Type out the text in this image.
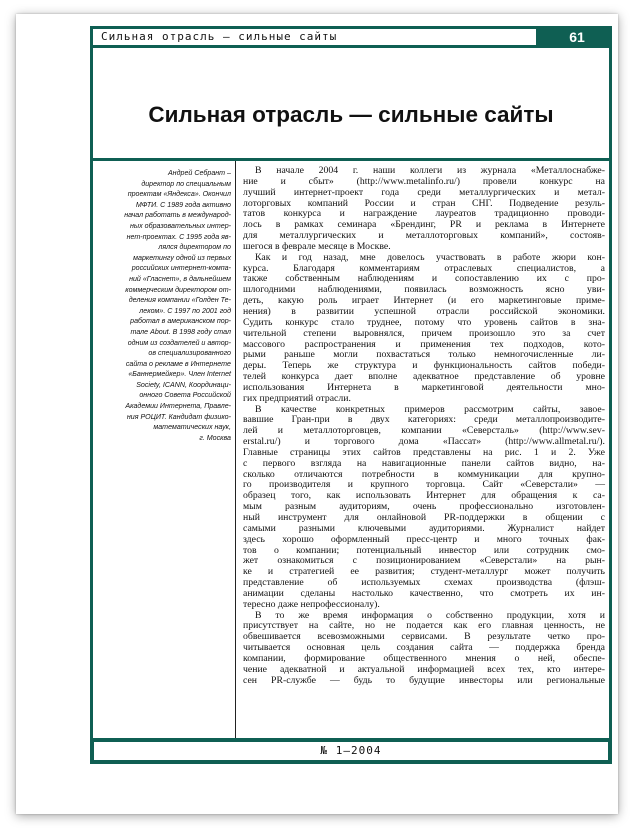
Сильная отрасль – сильные сайты	61
Сильная отрасль — сильные сайты
Андрей Себрант –
директор по специальным
проектам «Яндекса». Окончил
МФТИ. С 1989 года активно
начал работать в международ-
ных образовательных интер-
нет-проектах. С 1995 года яв-
лялся директором по
маркетингу одной из первых
российских интернет-компа-
ний «Гласнет», в дальнейшем
коммерческим директором от-
деления компании «Голден Те-
леком». С 1997 по 2001 год
работал в американском пор-
тале About. В 1998 году стал
одним из создателей и автор-
ов специализированного
сайта о рекламе в Интернете
«Баннермейкер». Член Internet
Society, ICANN, Координаци-
онного Совета Российской
Академии Интернета, Правле-
ния РОЦИТ. Кандидат физико-
математических наук,
г. Москва
В начале 2004 г. наши коллеги из журнала «Металлоснабже-
ние и сбыт» (http://www.metalinfo.ru/) провели конкурс на
лучший интернет-проект года среди металлургических и метал-
лоторговых компаний России и стран СНГ. Подведение резуль-
татов конкурса и награждение лауреатов традиционно проводи-
лось в рамках семинара «Брендинг, PR и реклама в Интернете
для металлургических и металлоторговых компаний», состояв-
шегося в феврале месяце в Москве.
Как и год назад, мне довелось участвовать в работе жюри кон-
курса. Благодаря комментариям отраслевых специалистов, а
также собственным наблюдениям и сопоставлению их с про-
шлогодними наблюдениями, появилась возможность ясно уви-
деть, какую роль играет Интернет (и его маркетинговые приме-
нения) в развитии успешной отрасли российской экономики.
Судить конкурс стало труднее, потому что уровень сайтов в зна-
чительной степени выровнялся, причем произошло это за счет
массового распространения и применения тех подходов, кото-
рыми раньше могли похвастаться только немногочисленные ли-
деры. Теперь же структура и функциональность сайтов победи-
телей конкурса дает вполне адекватное представление об уровне
использования Интернета в маркетинговой деятельности мно-
гих предприятий отрасли.
В качестве конкретных примеров рассмотрим сайты, завое-
вавшие Гран-при в двух категориях: среди металлопроизводите-
лей и металлоторговцев, компании «Северсталь» (http://www.sev-
erstal.ru/) и торгового дома «Пассат» (http://www.allmetal.ru/).
Главные страницы этих сайтов представлены на рис. 1 и 2. Уже
с первого взгляда на навигационные панели сайтов видно, на-
сколько отличаются потребности в коммуникации для крупно-
го производителя и крупного торговца. Сайт «Северстали» —
образец того, как использовать Интернет для обращения к са-
мым разным аудиториям, очень профессионально изготовлен-
ный инструмент для онлайновой PR-поддержки в общении с
самыми разными ключевыми аудиториями. Журналист найдет
здесь хорошо оформленный пресс-центр и много точных фак-
тов о компании; потенциальный инвестор или сотрудник смо-
жет ознакомиться с позиционированием «Северстали» на рын-
ке и стратегией ее развития; студент-металлург может получить
представление об используемых схемах производства (флэш-
анимации сделаны настолько качественно, что смотреть их ин-
тересно даже непрофессионалу).
В то же время информация о собственно продукции, хотя и
присутствует на сайте, но не подается как его главная ценность, не
обвешивается всевозможными сервисами. В результате четко про-
читывается основная цель создания сайта — поддержка бренда
компании, формирование общественного мнения о ней, обеспе-
чение адекватной и актуальной информацией всех тех, кто интере-
сен PR-службе — будь то будущие инвесторы или региональные
№ 1–2004
